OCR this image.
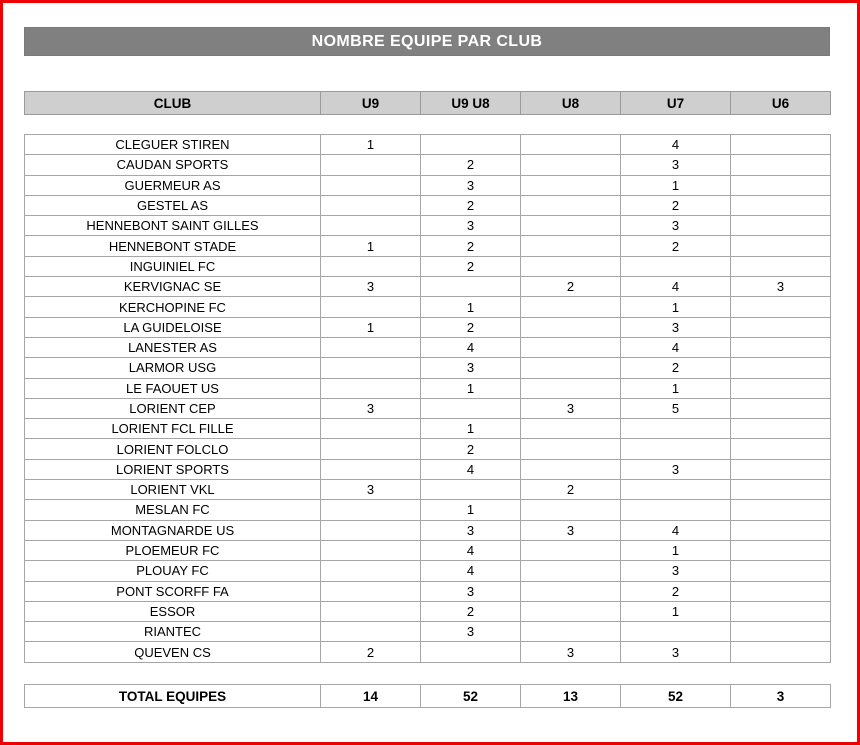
NOMBRE EQUIPE PAR CLUB
CLUB	U9	U9 U8	U8	U7	U6
CLEGUER STIREN	1			4	
CAUDAN SPORTS		2		3	
GUERMEUR AS		3		1	
GESTEL AS		2		2	
HENNEBONT SAINT GILLES		3		3	
HENNEBONT STADE	1	2		2	
INGUINIEL FC		2			
KERVIGNAC SE	3		2	4	3
KERCHOPINE FC		1		1	
LA GUIDELOISE	1	2		3	
LANESTER AS		4		4	
LARMOR USG		3		2	
LE FAOUET US		1		1	
LORIENT CEP	3		3	5	
LORIENT FCL FILLE		1			
LORIENT FOLCLO		2			
LORIENT SPORTS		4		3	
LORIENT VKL	3		2		
MESLAN FC		1			
MONTAGNARDE US		3	3	4	
PLOEMEUR FC		4		1	
PLOUAY FC		4		3	
PONT SCORFF FA		3		2	
ESSOR		2		1	
RIANTEC		3			
QUEVEN CS	2		3	3	
TOTAL EQUIPES	14	52	13	52	3
